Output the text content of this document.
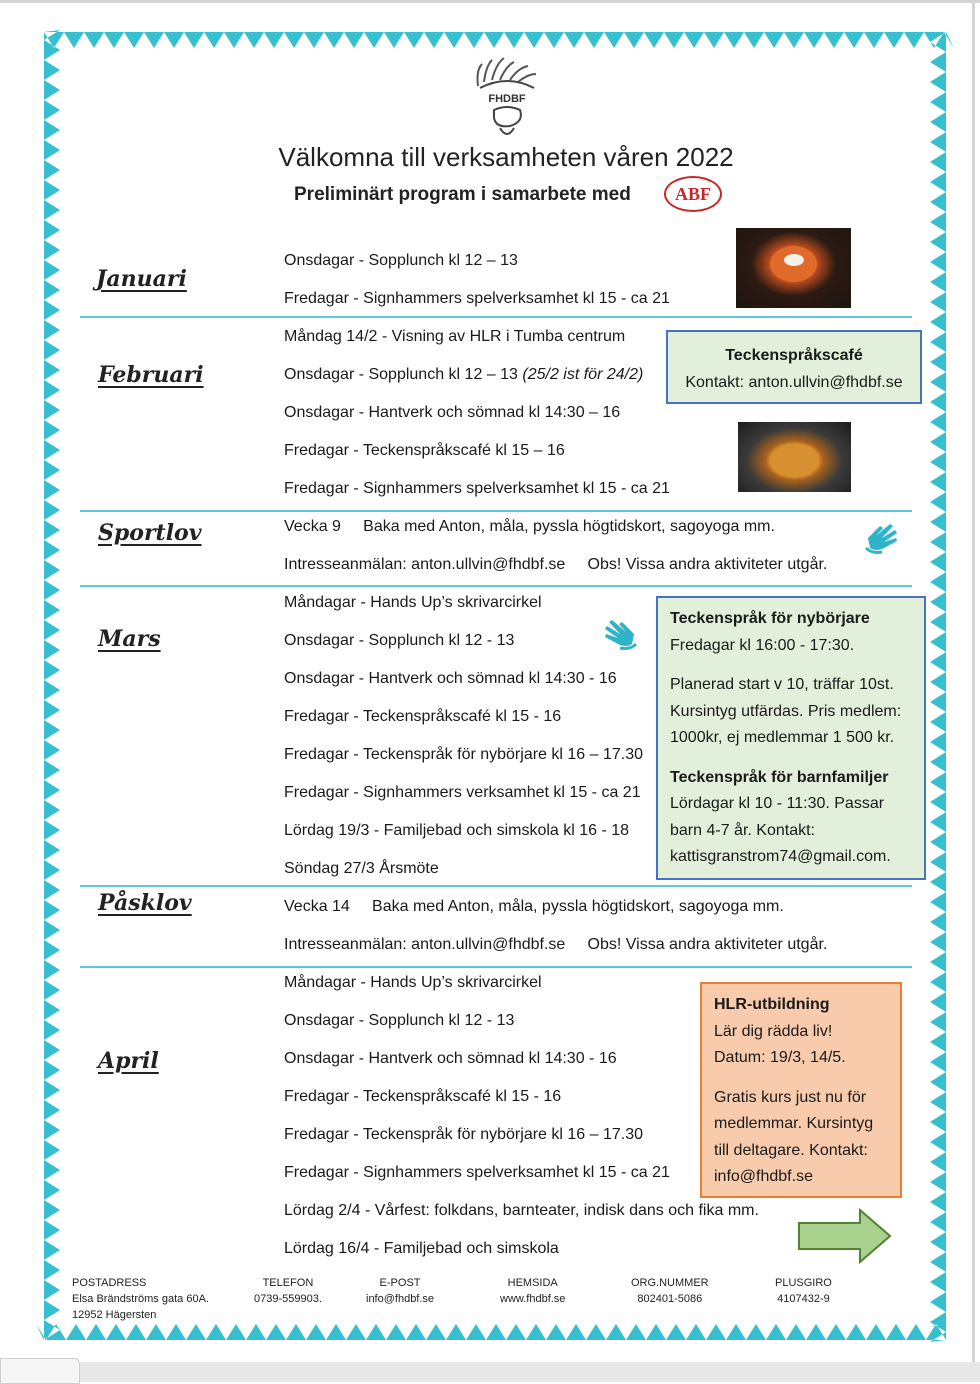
FHDBF
Välkomna till verksamheten våren 2022
Preliminärt program i samarbete med	ABF
Januari
Onsdagar - Sopplunch kl 12 – 13
Fredagar - Signhammers spelverksamhet kl 15 - ca 21
Februari
Måndag 14/2 - Visning av HLR i Tumba centrum
Onsdagar - Sopplunch kl 12 – 13 (25/2 ist för 24/2)
Onsdagar - Hantverk och sömnad kl 14:30 – 16
Fredagar - Teckenspråkscafé kl 15 – 16
Fredagar - Signhammers spelverksamhet kl 15 - ca 21
Teckenspråkscafé
Kontakt: anton.ullvin@fhdbf.se
Sportlov	Vecka 9     Baka med Anton, måla, pyssla högtidskort, sagoyoga mm.
Intresseanmälan: anton.ullvin@fhdbf.se     Obs! Vissa andra aktiviteter utgår.
Mars
Måndagar - Hands Up’s skrivarcirkel
Onsdagar - Sopplunch kl 12 - 13
Onsdagar - Hantverk och sömnad kl 14:30 - 16
Fredagar - Teckenspråkscafé kl 15 - 16
Fredagar - Teckenspråk för nybörjare kl 16 – 17.30
Fredagar - Signhammers verksamhet kl 15 - ca 21
Lördag 19/3 - Familjebad och simskola kl 16 - 18
Söndag 27/3 Årsmöte
Teckenspråk för nybörjare
Fredagar kl 16:00 - 17:30.
Planerad start v 10, träffar 10st.
Kursintyg utfärdas. Pris medlem:
1000kr, ej medlemmar 1 500 kr.
Teckenspråk för barnfamiljer
Lördagar kl 10 - 11:30. Passar
barn 4-7 år. Kontakt:
kattisgranstrom74@gmail.com.
Påsklov	Vecka 14     Baka med Anton, måla, pyssla högtidskort, sagoyoga mm.
Intresseanmälan: anton.ullvin@fhdbf.se     Obs! Vissa andra aktiviteter utgår.
April
Måndagar - Hands Up’s skrivarcirkel
Onsdagar - Sopplunch kl 12 - 13
Onsdagar - Hantverk och sömnad kl 14:30 - 16
Fredagar - Teckenspråkscafé kl 15 - 16
Fredagar - Teckenspråk för nybörjare kl 16 – 17.30
Fredagar - Signhammers spelverksamhet kl 15 - ca 21
Lördag 2/4 - Vårfest: folkdans, barnteater, indisk dans och fika mm.
Lördag 16/4 - Familjebad och simskola
HLR-utbildning
Lär dig rädda liv!
Datum: 19/3, 14/5.
Gratis kurs just nu för
medlemmar. Kursintyg
till deltagare. Kontakt:
info@fhdbf.se
POSTADRESS
Elsa Brändströms gata 60A.
12952 Hägersten
TELEFON
0739-559903.
E-POST
info@fhdbf.se
HEMSIDA
www.fhdbf.se
ORG.NUMMER
802401-5086
PLUSGIRO
4107432-9
